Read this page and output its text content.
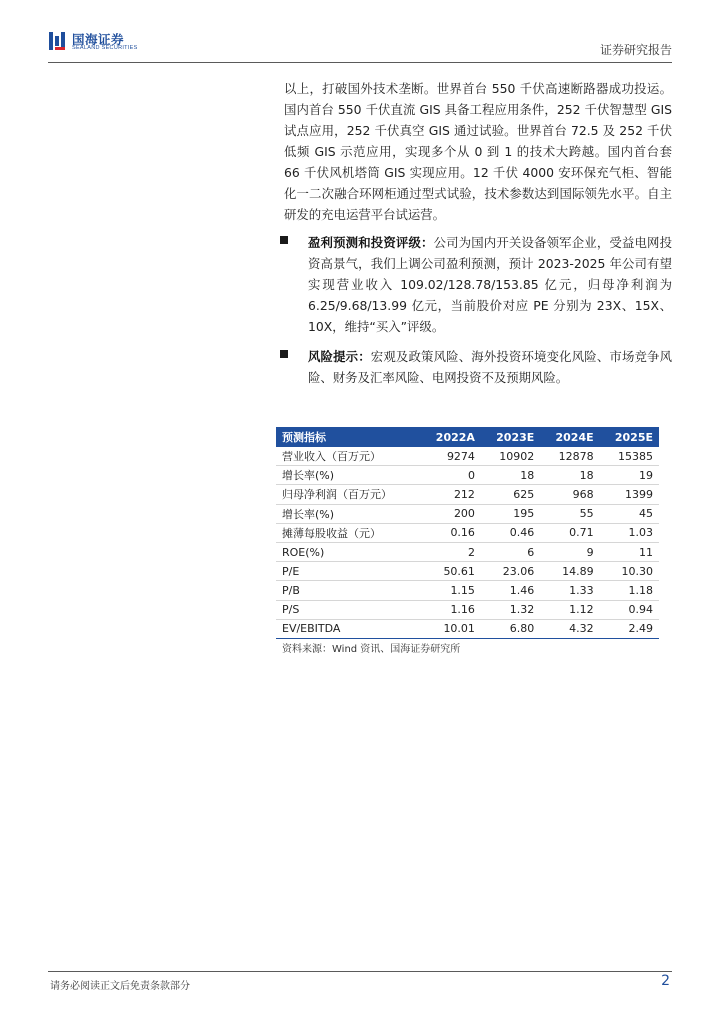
国海证券
SEALAND SECURITIES	证券研究报告

以上，打破国外技术垄断。世界首台 550 千伏高速断路器成功投运。国内首台 550 千伏直流 GIS 具备工程应用条件，252 千伏智慧型 GIS 试点应用，252 千伏真空 GIS 通过试验。世界首台 72.5 及 252 千伏低频 GIS 示范应用，实现多个从 0 到 1 的技术大跨越。国内首台套 66 千伏风机塔筒 GIS 实现应用。12 千伏 4000 安环保充气柜、智能化一二次融合环网柜通过型式试验，技术参数达到国际领先水平。自主研发的充电运营平台试运营。

盈利预测和投资评级：公司为国内开关设备领军企业，受益电网投资高景气，我们上调公司盈利预测，预计 2023-2025 年公司有望实现营业收入 109.02/128.78/153.85 亿元，归母净利润为 6.25/9.68/13.99 亿元，当前股价对应 PE 分别为 23X、15X、10X，维持“买入”评级。
风险提示：宏观及政策风险、海外投资环境变化风险、市场竞争风险、财务及汇率风险、电网投资不及预期风险。
预测指标	2022A	2023E	2024E	2025E
营业收入（百万元）	9274	10902	12878	15385
增长率(%)	0	18	18	19
归母净利润（百万元）	212	625	968	1399
增长率(%)	200	195	55	45
摊薄每股收益（元）	0.16	0.46	0.71	1.03
ROE(%)	2	6	9	11
P/E	50.61	23.06	14.89	10.30
P/B	1.15	1.46	1.33	1.18
P/S	1.16	1.32	1.12	0.94
EV/EBITDA	10.01	6.80	4.32	2.49
资料来源：Wind 资讯、国海证券研究所
请务必阅读正文后免责条款部分	2
